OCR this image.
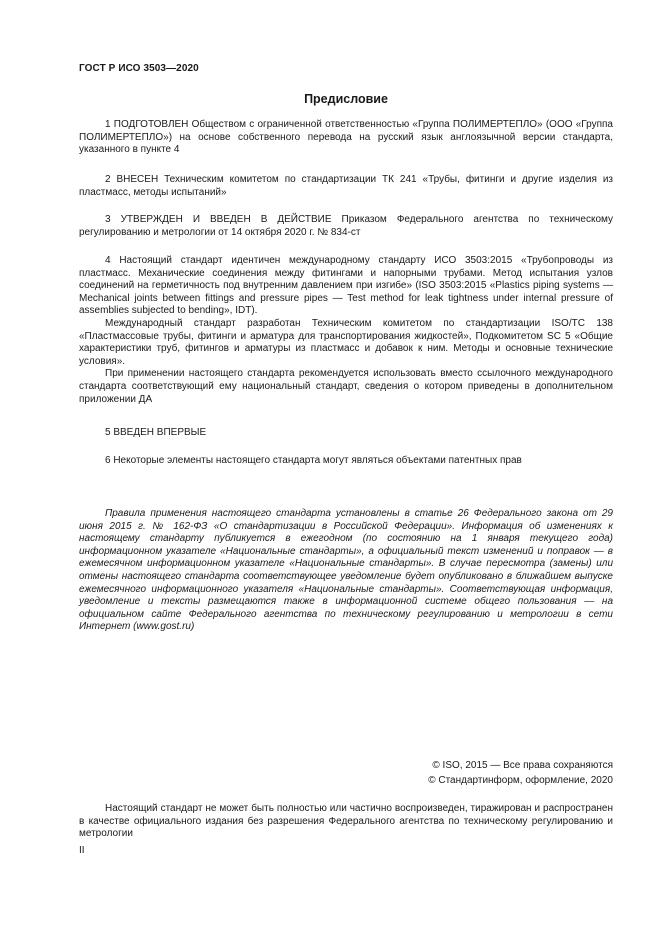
ГОСТ Р ИСО 3503—2020
Предисловие

1 ПОДГОТОВЛЕН Обществом с ограниченной ответственностью «Группа ПОЛИМЕРТЕПЛО» (ООО «Группа ПОЛИМЕРТЕПЛО») на основе собственного перевода на русский язык англоязычной версии стандарта, указанного в пункте 4

2 ВНЕСЕН Техническим комитетом по стандартизации ТК 241 «Трубы, фитинги и другие изделия из пластмасс, методы испытаний»

3 УТВЕРЖДЕН И ВВЕДЕН В ДЕЙСТВИЕ Приказом Федерального агентства по техническому регулированию и метрологии от 14 октября 2020 г. № 834-ст

4 Настоящий стандарт идентичен международному стандарту ИСО 3503:2015 «Трубопроводы из пластмасс. Механические соединения между фитингами и напорными трубами. Метод испытания узлов соединений на герметичность под внутренним давлением при изгибе» (ISO 3503:2015 «Plastics piping systems — Mechanical joints between fittings and pressure pipes — Test method for leak tightness under internal pressure of assemblies subjected to bending», IDT).

Международный стандарт разработан Техническим комитетом по стандартизации ISO/TC 138 «Пластмассовые трубы, фитинги и арматура для транспортирования жидкостей», Подкомитетом SC 5 «Общие характеристики труб, фитингов и арматуры из пластмасс и добавок к ним. Методы и основные технические условия».

При применении настоящего стандарта рекомендуется использовать вместо ссылочного международного стандарта соответствующий ему национальный стандарт, сведения о котором приведены в дополнительном приложении ДА

5 ВВЕДЕН ВПЕРВЫЕ

6 Некоторые элементы настоящего стандарта могут являться объектами патентных прав

Правила применения настоящего стандарта установлены в статье 26 Федерального закона от 29 июня 2015 г. № 162-ФЗ «О стандартизации в Российской Федерации». Информация об изменениях к настоящему стандарту публикуется в ежегодном (по состоянию на 1 января текущего года) информационном указателе «Национальные стандарты», а официальный текст изменений и поправок — в ежемесячном информационном указателе «Национальные стандарты». В случае пересмотра (замены) или отмены настоящего стандарта соответствующее уведомление будет опубликовано в ближайшем выпуске ежемесячного информационного указателя «Национальные стандарты». Соответствующая информация, уведомление и тексты размещаются также в информационной системе общего пользования — на официальном сайте Федерального агентства по техническому регулированию и метрологии в сети Интернет (www.gost.ru)

© ISO, 2015 — Все права сохраняются
© Стандартинформ, оформление, 2020

Настоящий стандарт не может быть полностью или частично воспроизведен, тиражирован и распространен в качестве официального издания без разрешения Федерального агентства по техническому регулированию и метрологии

II
